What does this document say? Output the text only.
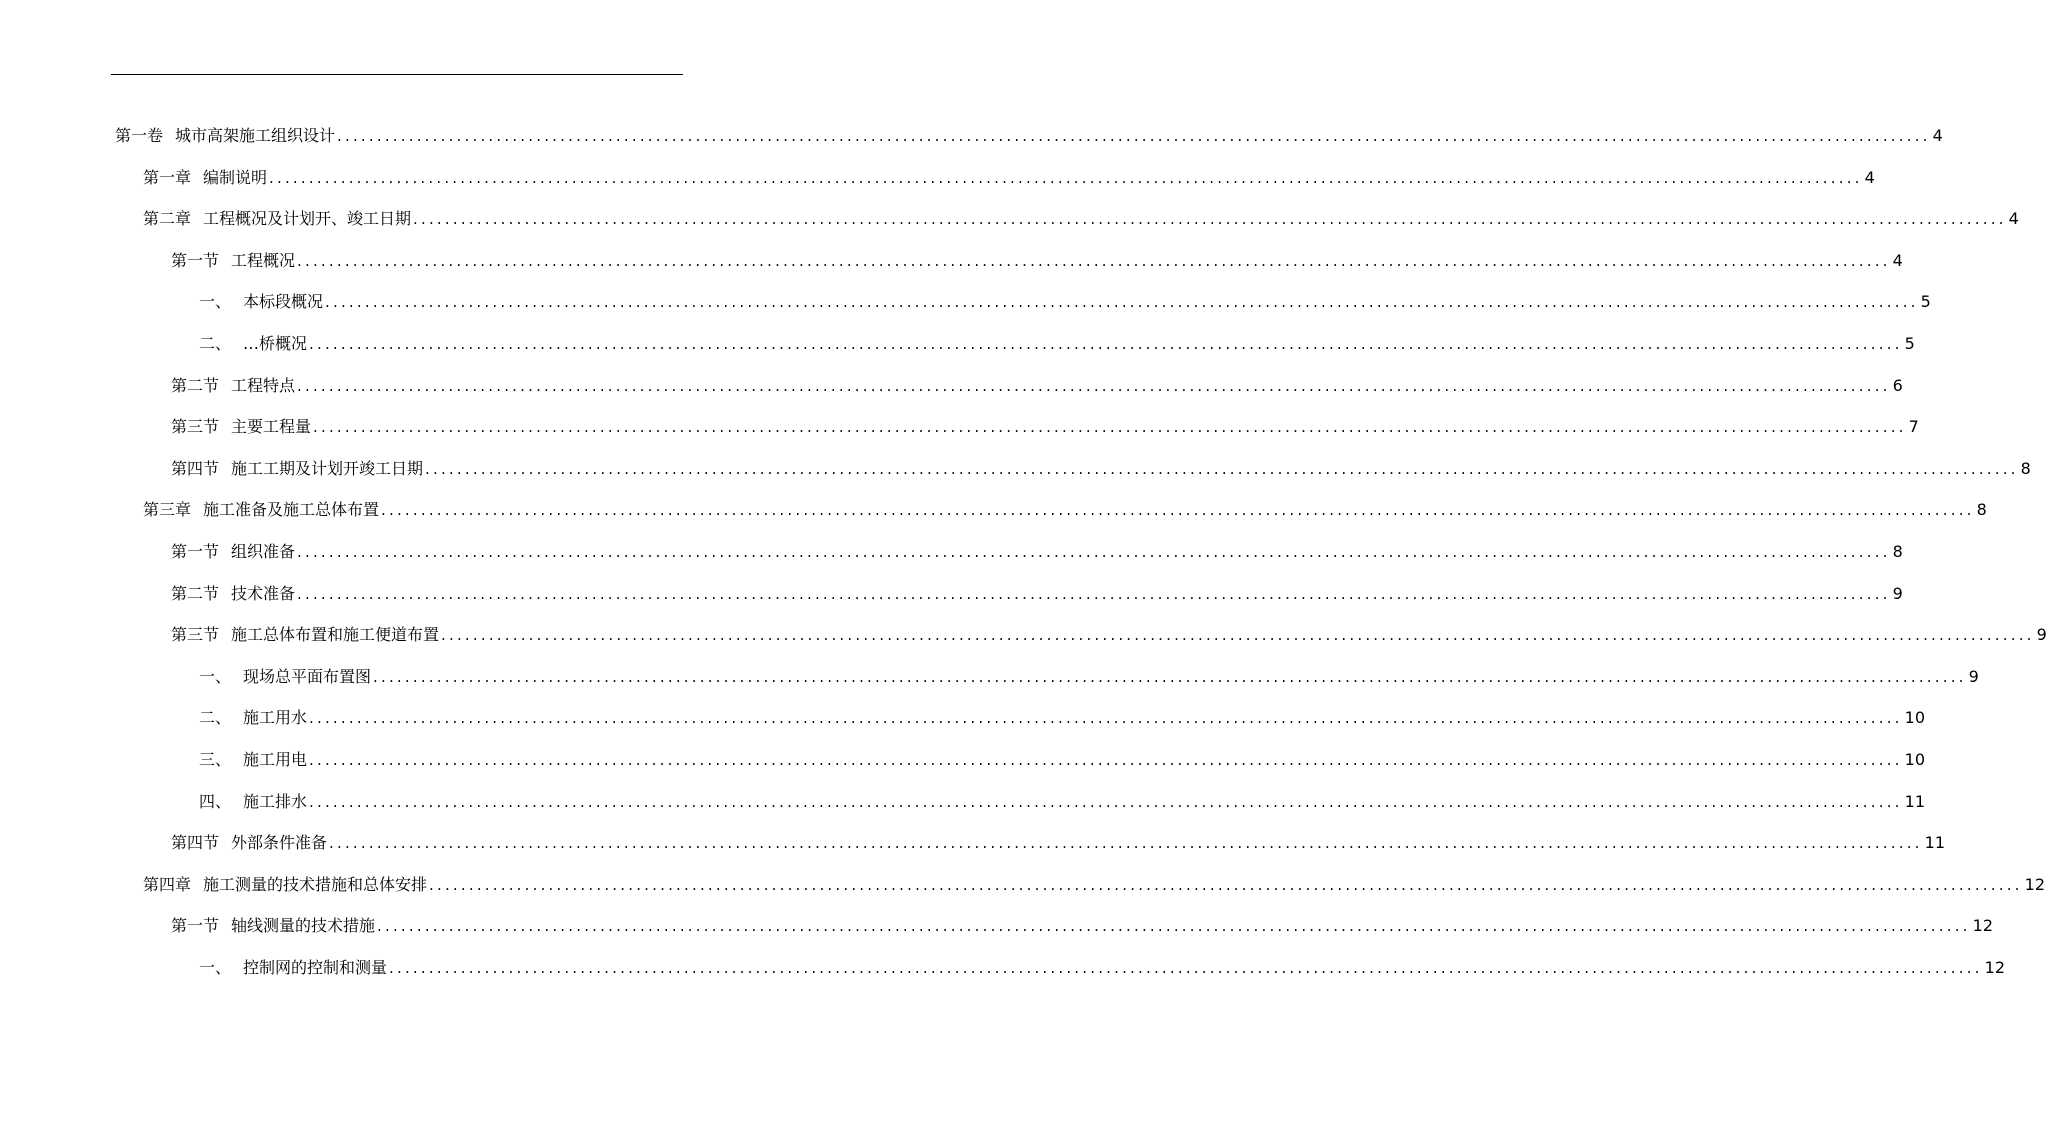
第一卷 城市高架施工组织设计 ........................................................................................................................................................................................................ 4
第一章 编制说明 ........................................................................................................................................................................................................ 4
第二章 工程概况及计划开、竣工日期 ........................................................................................................................................................................................................ 4
第一节 工程概况 ........................................................................................................................................................................................................ 4
一、 本标段概况 ........................................................................................................................................................................................................ 5
二、 …桥概况 ........................................................................................................................................................................................................ 5
第二节 工程特点 ........................................................................................................................................................................................................ 6
第三节 主要工程量 ........................................................................................................................................................................................................ 7
第四节 施工工期及计划开竣工日期 ........................................................................................................................................................................................................ 8
第三章 施工准备及施工总体布置 ........................................................................................................................................................................................................ 8
第一节 组织准备 ........................................................................................................................................................................................................ 8
第二节 技术准备 ........................................................................................................................................................................................................ 9
第三节 施工总体布置和施工便道布置 ........................................................................................................................................................................................................ 9
一、 现场总平面布置图 ........................................................................................................................................................................................................ 9
二、 施工用水 ........................................................................................................................................................................................................ 10
三、 施工用电 ........................................................................................................................................................................................................ 10
四、 施工排水 ........................................................................................................................................................................................................ 11
第四节 外部条件准备 ........................................................................................................................................................................................................ 11
第四章 施工测量的技术措施和总体安排 ........................................................................................................................................................................................................ 12
第一节 轴线测量的技术措施 ........................................................................................................................................................................................................ 12
一、 控制网的控制和测量 ........................................................................................................................................................................................................ 12
